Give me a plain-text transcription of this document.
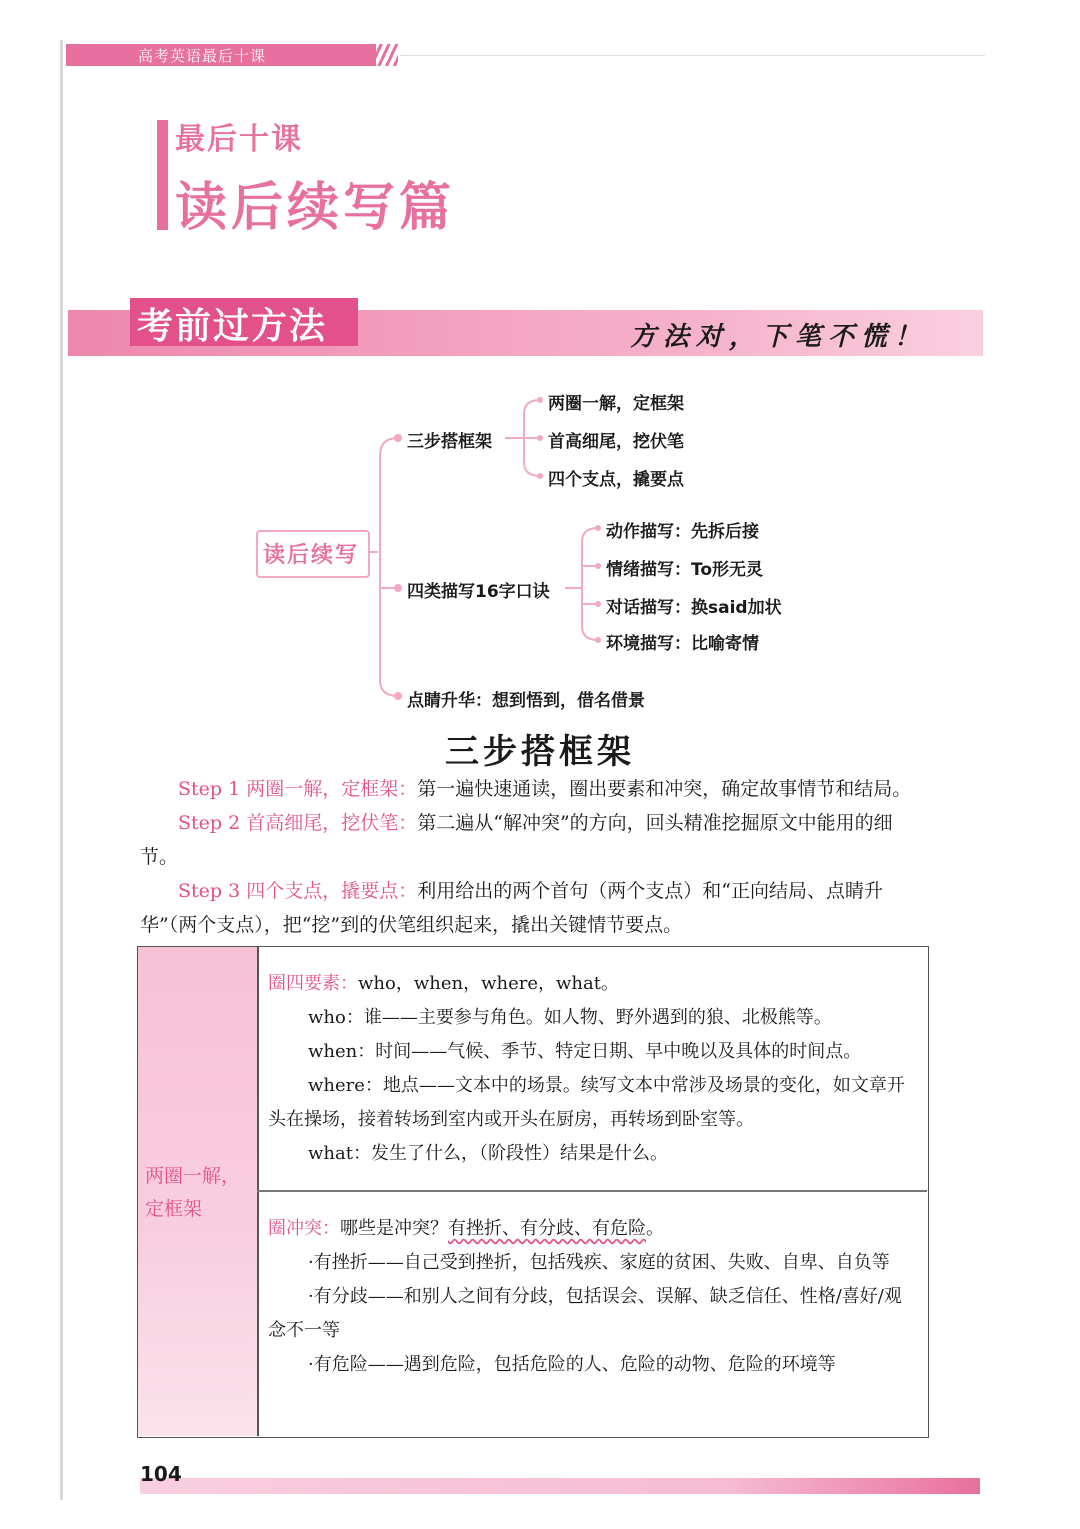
高考英语最后十课
最后十课
读后续写篇
考前过方法	方法对，下笔不慌！
读后续写
三步搭框架
两圈一解，定框架
首高细尾，挖伏笔
四个支点，撬要点
四类描写16字口诀
动作描写：先拆后接
情绪描写：To形无灵
对话描写：换said加状
环境描写：比喻寄情
点睛升华：想到悟到，借名借景
三步搭框架
Step 1 两圈一解，定框架：第一遍快速通读，圈出要素和冲突，确定故事情节和结局。
Step 2 首高细尾，挖伏笔：第二遍从“解冲突”的方向，回头精准挖掘原文中能用的细节。
Step 3 四个支点，撬要点：利用给出的两个首句（两个支点）和“正向结局、点睛升华”（两个支点），把“挖”到的伏笔组织起来，撬出关键情节要点。
两圈一解，定框架
圈四要素：who，when，where，what。
who：谁——主要参与角色。如人物、野外遇到的狼、北极熊等。
when：时间——气候、季节、特定日期、早中晚以及具体的时间点。
where：地点——文本中的场景。续写文本中常涉及场景的变化，如文章开头在操场，接着转场到室内或开头在厨房，再转场到卧室等。
what：发生了什么，（阶段性）结果是什么。
圈冲突：哪些是冲突？有挫折、有分歧、有危险。
·有挫折——自己受到挫折，包括残疾、家庭的贫困、失败、自卑、自负等
·有分歧——和别人之间有分歧，包括误会、误解、缺乏信任、性格/喜好/观念不一等
·有危险——遇到危险，包括危险的人、危险的动物、危险的环境等
104
